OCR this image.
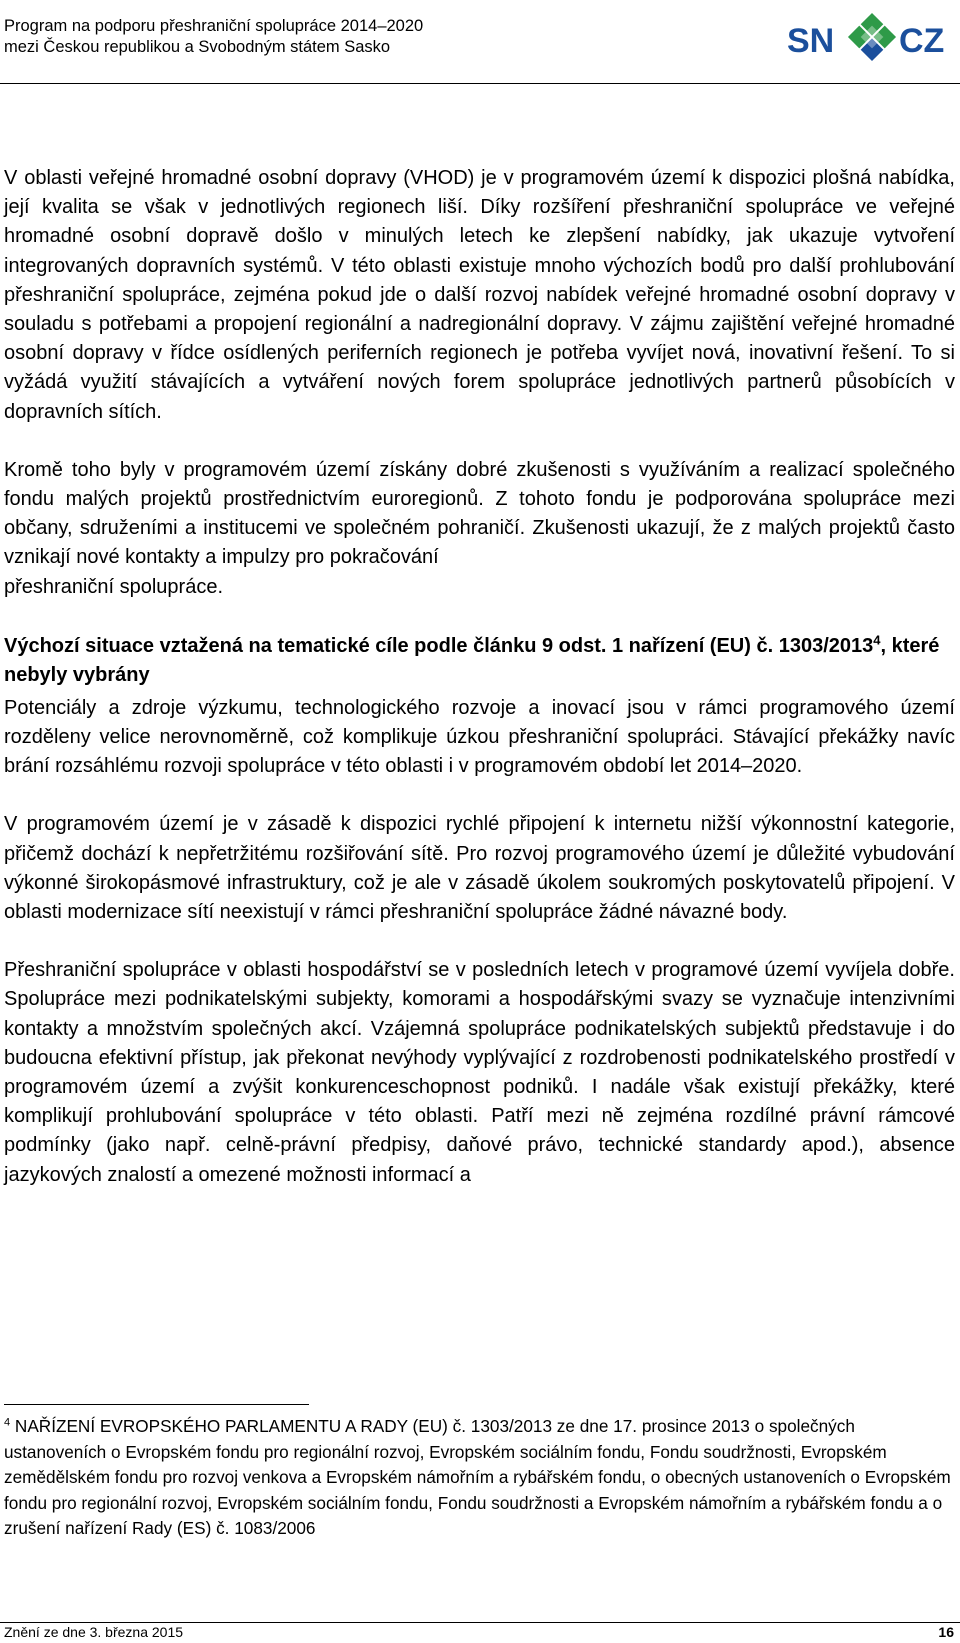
Program na podporu přeshraniční spolupráce 2014–2020
mezi Českou republikou a Svobodným státem Sasko	SN CZ

V oblasti veřejné hromadné osobní dopravy (VHOD) je v programovém území k dispozici plošná nabídka, její kvalita se však v jednotlivých regionech liší. Díky rozšíření přeshraniční spolupráce ve veřejné hromadné osobní dopravě došlo v minulých letech ke zlepšení nabídky, jak ukazuje vytvoření integrovaných dopravních systémů. V této oblasti existuje mnoho výchozích bodů pro další prohlubování přeshraniční spolupráce, zejména pokud jde o další rozvoj nabídek veřejné hromadné osobní dopravy v souladu s potřebami a propojení regionální a nadregionální dopravy. V zájmu zajištění veřejné hromadné osobní dopravy v řídce osídlených periferních regionech je potřeba vyvíjet nová, inovativní řešení. To si vyžádá využití stávajících a vytváření nových forem spolupráce jednotlivých partnerů působících v dopravních sítích.

Kromě toho byly v programovém území získány dobré zkušenosti s využíváním a realizací společného fondu malých projektů prostřednictvím euroregionů. Z tohoto fondu je podporována spolupráce mezi občany, sdruženími a institucemi ve společném pohraničí. Zkušenosti ukazují, že z malých projektů často vznikají nové kontakty a impulzy pro pokračování
přeshraniční spolupráce.

Výchozí situace vztažená na tematické cíle podle článku 9 odst. 1 nařízení (EU) č. 1303/2013$^4$, které nebyly vybrány

Potenciály a zdroje výzkumu, technologického rozvoje a inovací jsou v rámci programového území rozděleny velice nerovnoměrně, což komplikuje úzkou přeshraniční spolupráci. Stávající překážky navíc brání rozsáhlému rozvoji spolupráce v této oblasti i v programovém období let 2014–2020.

V programovém území je v zásadě k dispozici rychlé připojení k internetu nižší výkonnostní kategorie, přičemž dochází k nepřetržitému rozšiřování sítě. Pro rozvoj programového území je důležité vybudování výkonné širokopásmové infrastruktury, což je ale v zásadě úkolem soukromých poskytovatelů připojení. V oblasti modernizace sítí neexistují v rámci přeshraniční spolupráce žádné návazné body.

Přeshraniční spolupráce v oblasti hospodářství se v posledních letech v programové území vyvíjela dobře. Spolupráce mezi podnikatelskými subjekty, komorami a hospodářskými svazy se vyznačuje intenzivními kontakty a množstvím společných akcí. Vzájemná spolupráce podnikatelských subjektů představuje i do budoucna efektivní přístup, jak překonat nevýhody vyplývající z rozdrobenosti podnikatelského prostředí v programovém území a zvýšit konkurenceschopnost podniků. I nadále však existují překážky, které komplikují prohlubování spolupráce v této oblasti. Patří mezi ně zejména rozdílné právní rámcové podmínky (jako např. celně-právní předpisy, daňové právo, technické standardy apod.), absence jazykových znalostí a omezené možnosti informací a

$^4$ NAŘÍZENÍ EVROPSKÉHO PARLAMENTU A RADY (EU) č. 1303/2013 ze dne 17. prosince 2013 o společných ustanoveních o Evropském fondu pro regionální rozvoj, Evropském sociálním fondu, Fondu soudržnosti, Evropském zemědělském fondu pro rozvoj venkova a Evropském námořním a rybářském fondu, o obecných ustanoveních o Evropském fondu pro regionální rozvoj, Evropském sociálním fondu, Fondu soudržnosti a Evropském námořním a rybářském fondu a o zrušení nařízení Rady (ES) č. 1083/2006
Znění ze dne 3. března 2015	16
